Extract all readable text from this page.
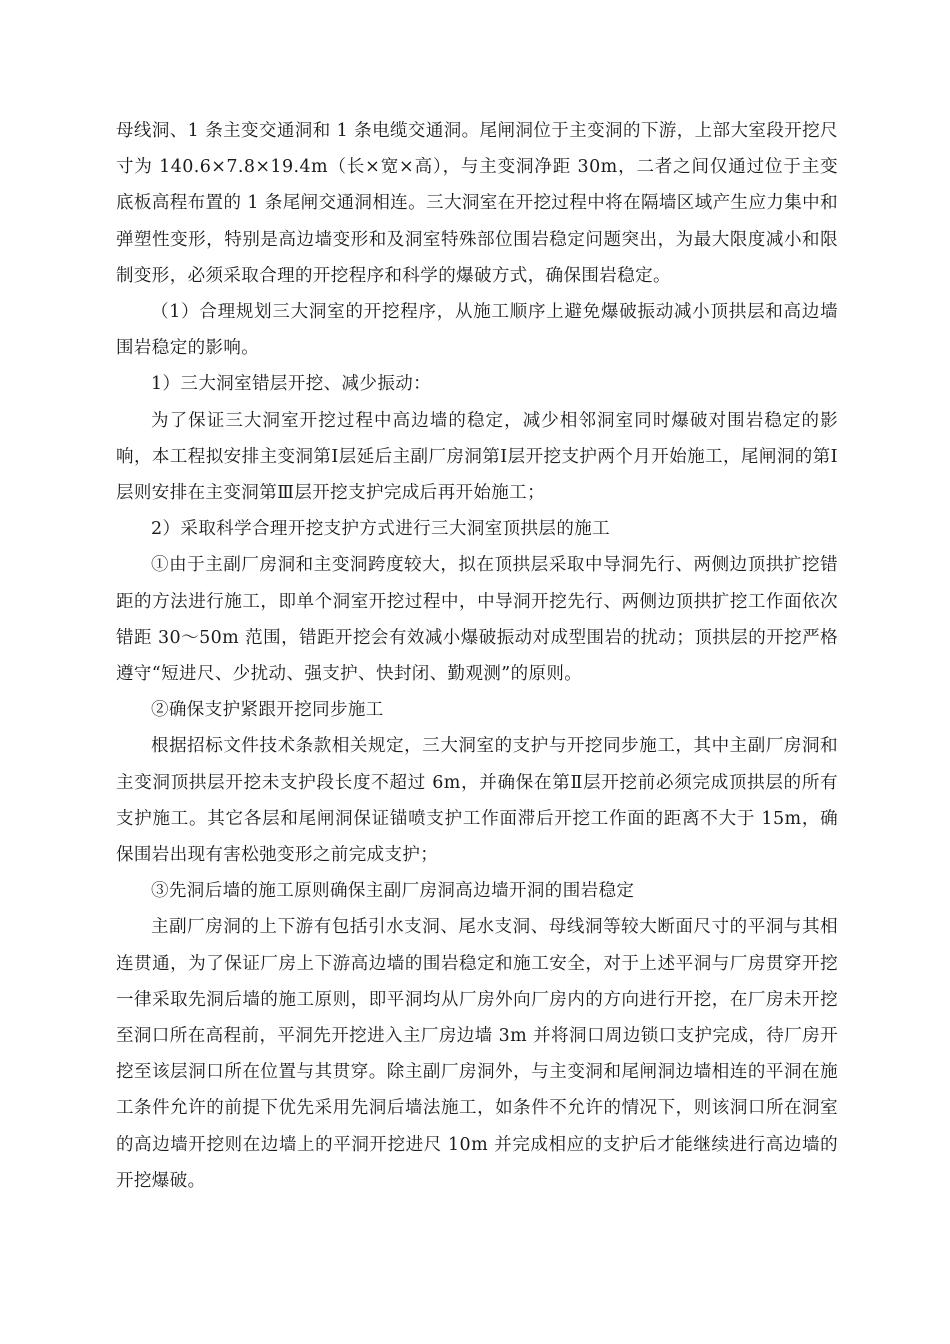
母线洞、1 条主变交通洞和 1 条电缆交通洞。尾闸洞位于主变洞的下游，上部大室段开挖尺寸为 140.6×7.8×19.4m（长×宽×高），与主变洞净距 30m，二者之间仅通过位于主变底板高程布置的 1 条尾闸交通洞相连。三大洞室在开挖过程中将在隔墙区域产生应力集中和弹塑性变形，特别是高边墙变形和及洞室特殊部位围岩稳定问题突出，为最大限度减小和限制变形，必须采取合理的开挖程序和科学的爆破方式，确保围岩稳定。

（1）合理规划三大洞室的开挖程序，从施工顺序上避免爆破振动减小顶拱层和高边墙围岩稳定的影响。

1）三大洞室错层开挖、减少振动：

为了保证三大洞室开挖过程中高边墙的稳定，减少相邻洞室同时爆破对围岩稳定的影响，本工程拟安排主变洞第Ⅰ层延后主副厂房洞第Ⅰ层开挖支护两个月开始施工，尾闸洞的第Ⅰ层则安排在主变洞第Ⅲ层开挖支护完成后再开始施工；

2）采取科学合理开挖支护方式进行三大洞室顶拱层的施工

①由于主副厂房洞和主变洞跨度较大，拟在顶拱层采取中导洞先行、两侧边顶拱扩挖错距的方法进行施工，即单个洞室开挖过程中，中导洞开挖先行、两侧边顶拱扩挖工作面依次错距 30～50m 范围，错距开挖会有效减小爆破振动对成型围岩的扰动；顶拱层的开挖严格遵守“短进尺、少扰动、强支护、快封闭、勤观测”的原则。

②确保支护紧跟开挖同步施工

根据招标文件技术条款相关规定，三大洞室的支护与开挖同步施工，其中主副厂房洞和主变洞顶拱层开挖未支护段长度不超过 6m，并确保在第Ⅱ层开挖前必须完成顶拱层的所有支护施工。其它各层和尾闸洞保证锚喷支护工作面滞后开挖工作面的距离不大于 15m，确保围岩出现有害松弛变形之前完成支护；

③先洞后墙的施工原则确保主副厂房洞高边墙开洞的围岩稳定

主副厂房洞的上下游有包括引水支洞、尾水支洞、母线洞等较大断面尺寸的平洞与其相连贯通，为了保证厂房上下游高边墙的围岩稳定和施工安全，对于上述平洞与厂房贯穿开挖一律采取先洞后墙的施工原则，即平洞均从厂房外向厂房内的方向进行开挖，在厂房未开挖至洞口所在高程前，平洞先开挖进入主厂房边墙 3m 并将洞口周边锁口支护完成，待厂房开挖至该层洞口所在位置与其贯穿。除主副厂房洞外，与主变洞和尾闸洞边墙相连的平洞在施工条件允许的前提下优先采用先洞后墙法施工，如条件不允许的情况下，则该洞口所在洞室的高边墙开挖则在边墙上的平洞开挖进尺 10m 并完成相应的支护后才能继续进行高边墙的开挖爆破。
